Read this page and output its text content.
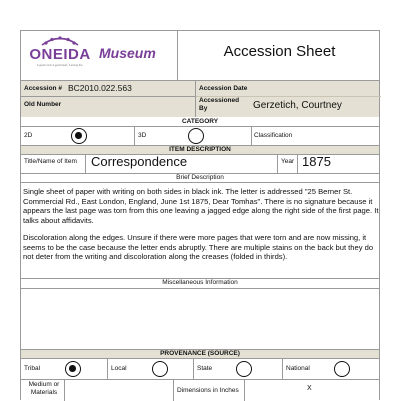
ONEIDA
A good mind. A good heart. A strong fire.
Museum	Accession Sheet
Accession # BC2010.022.563	Accession Date
Old Number
Accessioned By	Gerzetich, Courtney
CATEGORY
2D	3D	Classification
ITEM DESCRIPTION
Title/Name of Item Correspondence	Year 1875
Brief Description
Single sheet of paper with writing on both sides in black ink. The letter is addressed "25 Berner St. Commercial Rd., East London, England, June 1st 1875, Dear Tomhas". There is no signature because it appears the last page was torn from this one leaving a jagged edge along the right side of the first page. It talks about affidavits.
Discoloration along the edges. Unsure if there were more pages that were torn and are now missing, it seems to be the case because the letter ends abruptly. There are multiple stains on the back but they do not deter from the writing and discoloration along the creases (folded in thirds).
Miscellaneous Information
PROVENANCE (SOURCE)
Tribal	Local	State	National
Medium or Materials	Dimensions in Inches	X
